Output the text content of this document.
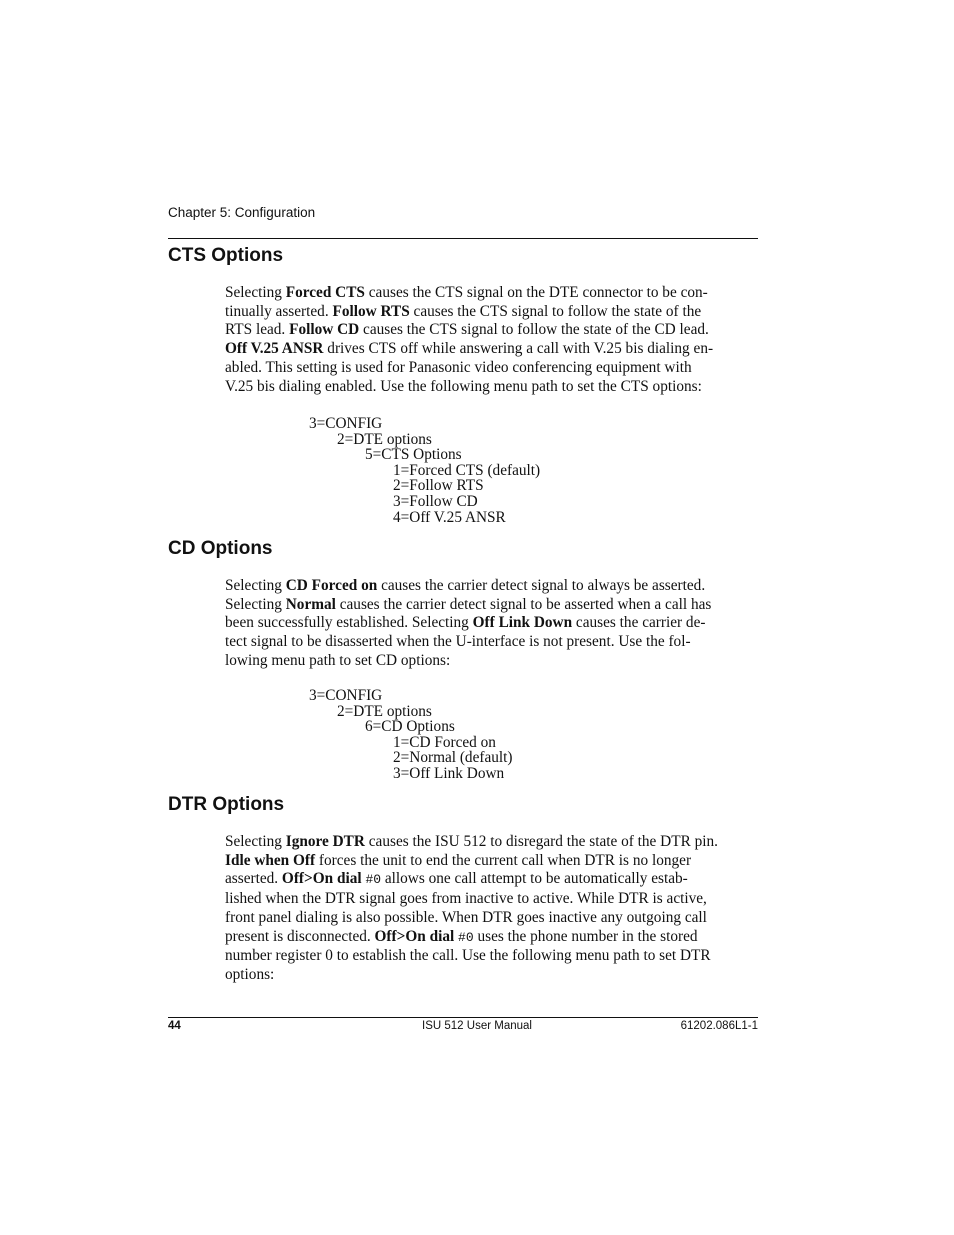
Chapter 5: Configuration
CTS Options

Selecting Forced CTS causes the CTS signal on the DTE connector to be con-

tinually asserted. Follow RTS causes the CTS signal to follow the state of the

RTS lead. Follow CD causes the CTS signal to follow the state of the CD lead.

Off V.25 ANSR drives CTS off while answering a call with V.25 bis dialing en-

abled. This setting is used for Panasonic video conferencing equipment with

V.25 bis dialing enabled. Use the following menu path to set the CTS options:

3=CONFIG
2=DTE options
5=CTS Options
1=Forced CTS (default)
2=Follow RTS
3=Follow CD
4=Off V.25 ANSR
CD Options

Selecting CD Forced on causes the carrier detect signal to always be asserted.

Selecting Normal causes the carrier detect signal to be asserted when a call has

been successfully established. Selecting Off Link Down causes the carrier de-

tect signal to be disasserted when the U-interface is not present. Use the fol-

lowing menu path to set CD options:

3=CONFIG
2=DTE options
6=CD Options
1=CD Forced on
2=Normal (default)
3=Off Link Down
DTR Options

Selecting Ignore DTR causes the ISU 512 to disregard the state of the DTR pin.

Idle when Off forces the unit to end the current call when DTR is no longer

asserted. Off>On dial #0 allows one call attempt to be automatically estab-

lished when the DTR signal goes from inactive to active. While DTR is active,

front panel dialing is also possible. When DTR goes inactive any outgoing call

present is disconnected. Off>On dial #0 uses the phone number in the stored

number register 0 to establish the call. Use the following menu path to set DTR

options:

44	ISU 512 User Manual	61202.086L1-1
